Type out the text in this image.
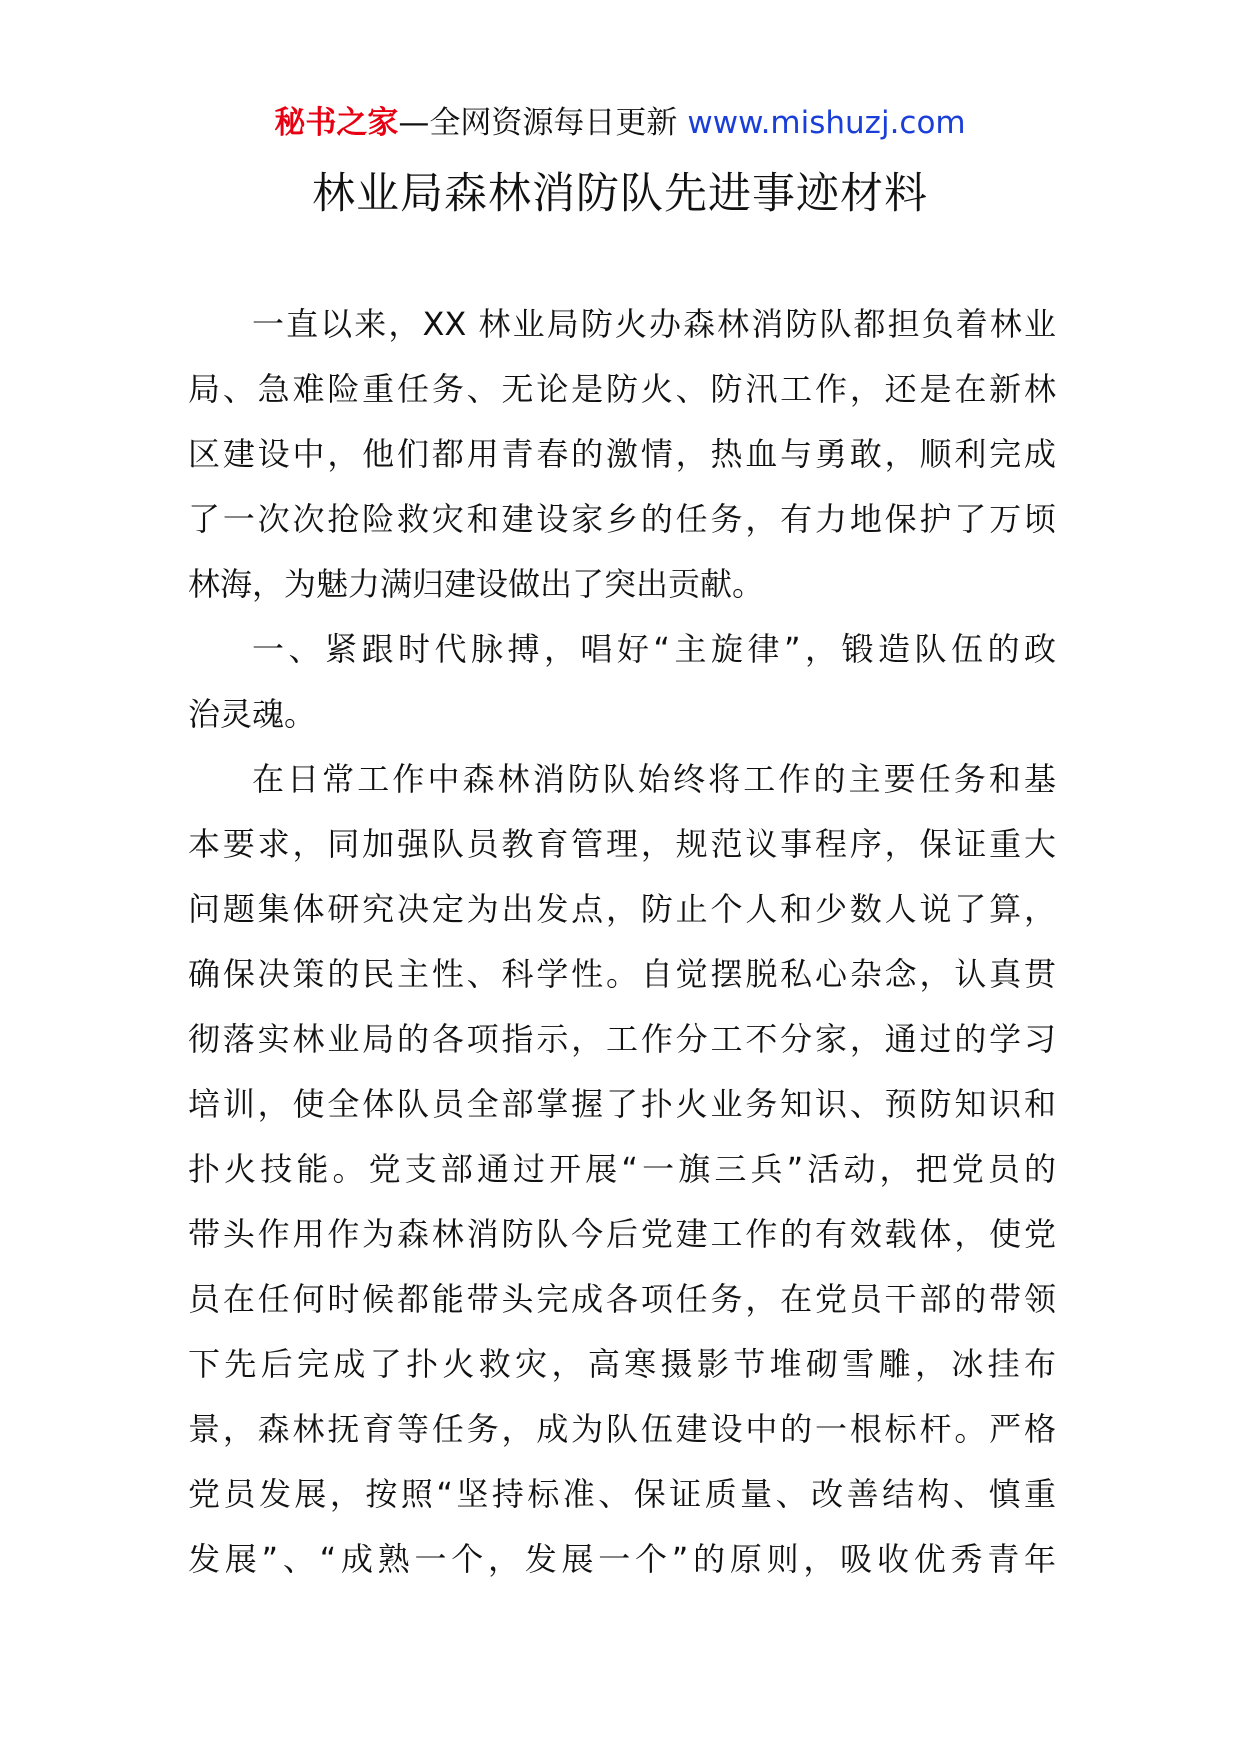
秘书之家—全网资源每日更新 www.mishuzj.com
林业局森林消防队先进事迹材料
一直以来，XX 林业局防火办森林消防队都担负着林业
局、急难险重任务、无论是防火、防汛工作，还是在新林
区建设中，他们都用青春的激情，热血与勇敢，顺利完成
了一次次抢险救灾和建设家乡的任务，有力地保护了万顷
林海，为魅力满归建设做出了突出贡献。
一、紧跟时代脉搏，唱好“主旋律”，锻造队伍的政
治灵魂。
在日常工作中森林消防队始终将工作的主要任务和基
本要求，同加强队员教育管理，规范议事程序，保证重大
问题集体研究决定为出发点，防止个人和少数人说了算，
确保决策的民主性、科学性。自觉摆脱私心杂念，认真贯
彻落实林业局的各项指示，工作分工不分家，通过的学习
培训，使全体队员全部掌握了扑火业务知识、预防知识和
扑火技能。党支部通过开展“一旗三兵”活动，把党员的
带头作用作为森林消防队今后党建工作的有效载体，使党
员在任何时候都能带头完成各项任务，在党员干部的带领
下先后完成了扑火救灾，高寒摄影节堆砌雪雕，冰挂布
景，森林抚育等任务，成为队伍建设中的一根标杆。严格
党员发展，按照“坚持标准、保证质量、改善结构、慎重
发展”、“成熟一个，发展一个”的原则，吸收优秀青年
